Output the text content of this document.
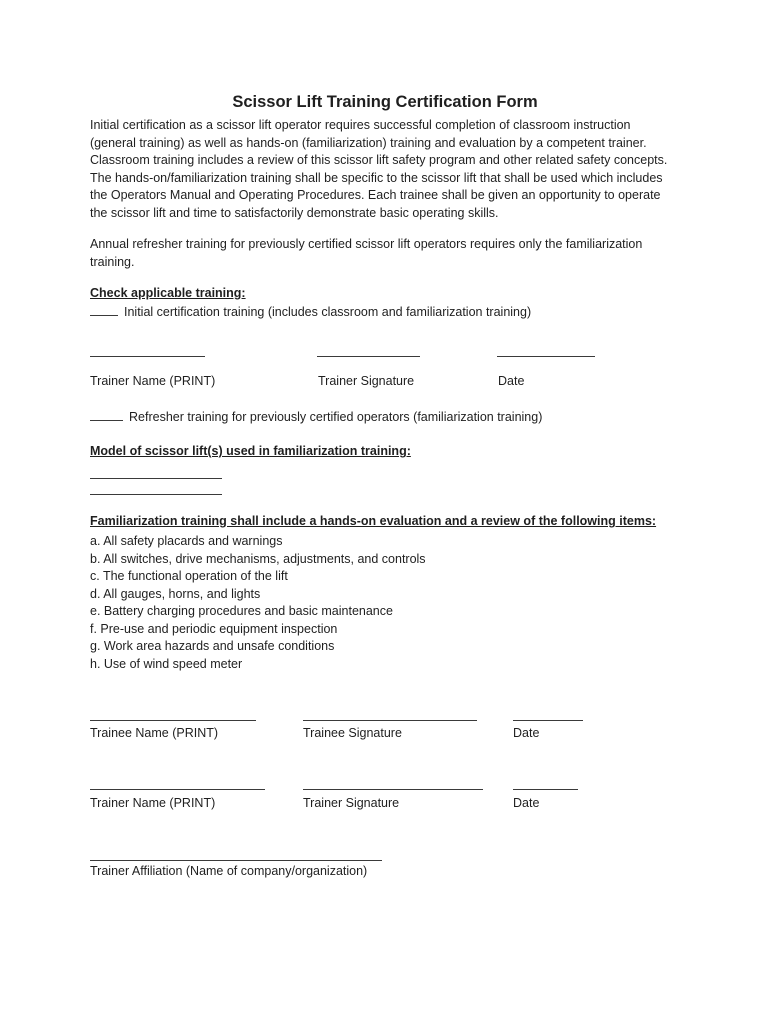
Scissor Lift Training Certification Form
Initial certification as a scissor lift operator requires successful completion of classroom instruction
(general training) as well as hands-on (familiarization) training and evaluation by a competent trainer.
Classroom training includes a review of this scissor lift safety program and other related safety concepts.
The hands-on/familiarization training shall be specific to the scissor lift that shall be used which includes
the Operators Manual and Operating Procedures. Each trainee shall be given an opportunity to operate
the scissor lift and time to satisfactorily demonstrate basic operating skills.
Annual refresher training for previously certified scissor lift operators requires only the familiarization
training.
Check applicable training:
Initial certification training (includes classroom and familiarization training)
Trainer Name (PRINT)	Trainer Signature	Date
Refresher training for previously certified operators (familiarization training)
Model of scissor lift(s) used in familiarization training:
Familiarization training shall include a hands-on evaluation and a review of the following items:
a. All safety placards and warnings
b. All switches, drive mechanisms, adjustments, and controls
c. The functional operation of the lift
d. All gauges, horns, and lights
e. Battery charging procedures and basic maintenance
f. Pre-use and periodic equipment inspection
g. Work area hazards and unsafe conditions
h. Use of wind speed meter
Trainee Name (PRINT)	Trainee Signature	Date
Trainer Name (PRINT)	Trainer Signature	Date
Trainer Affiliation (Name of company/organization)
